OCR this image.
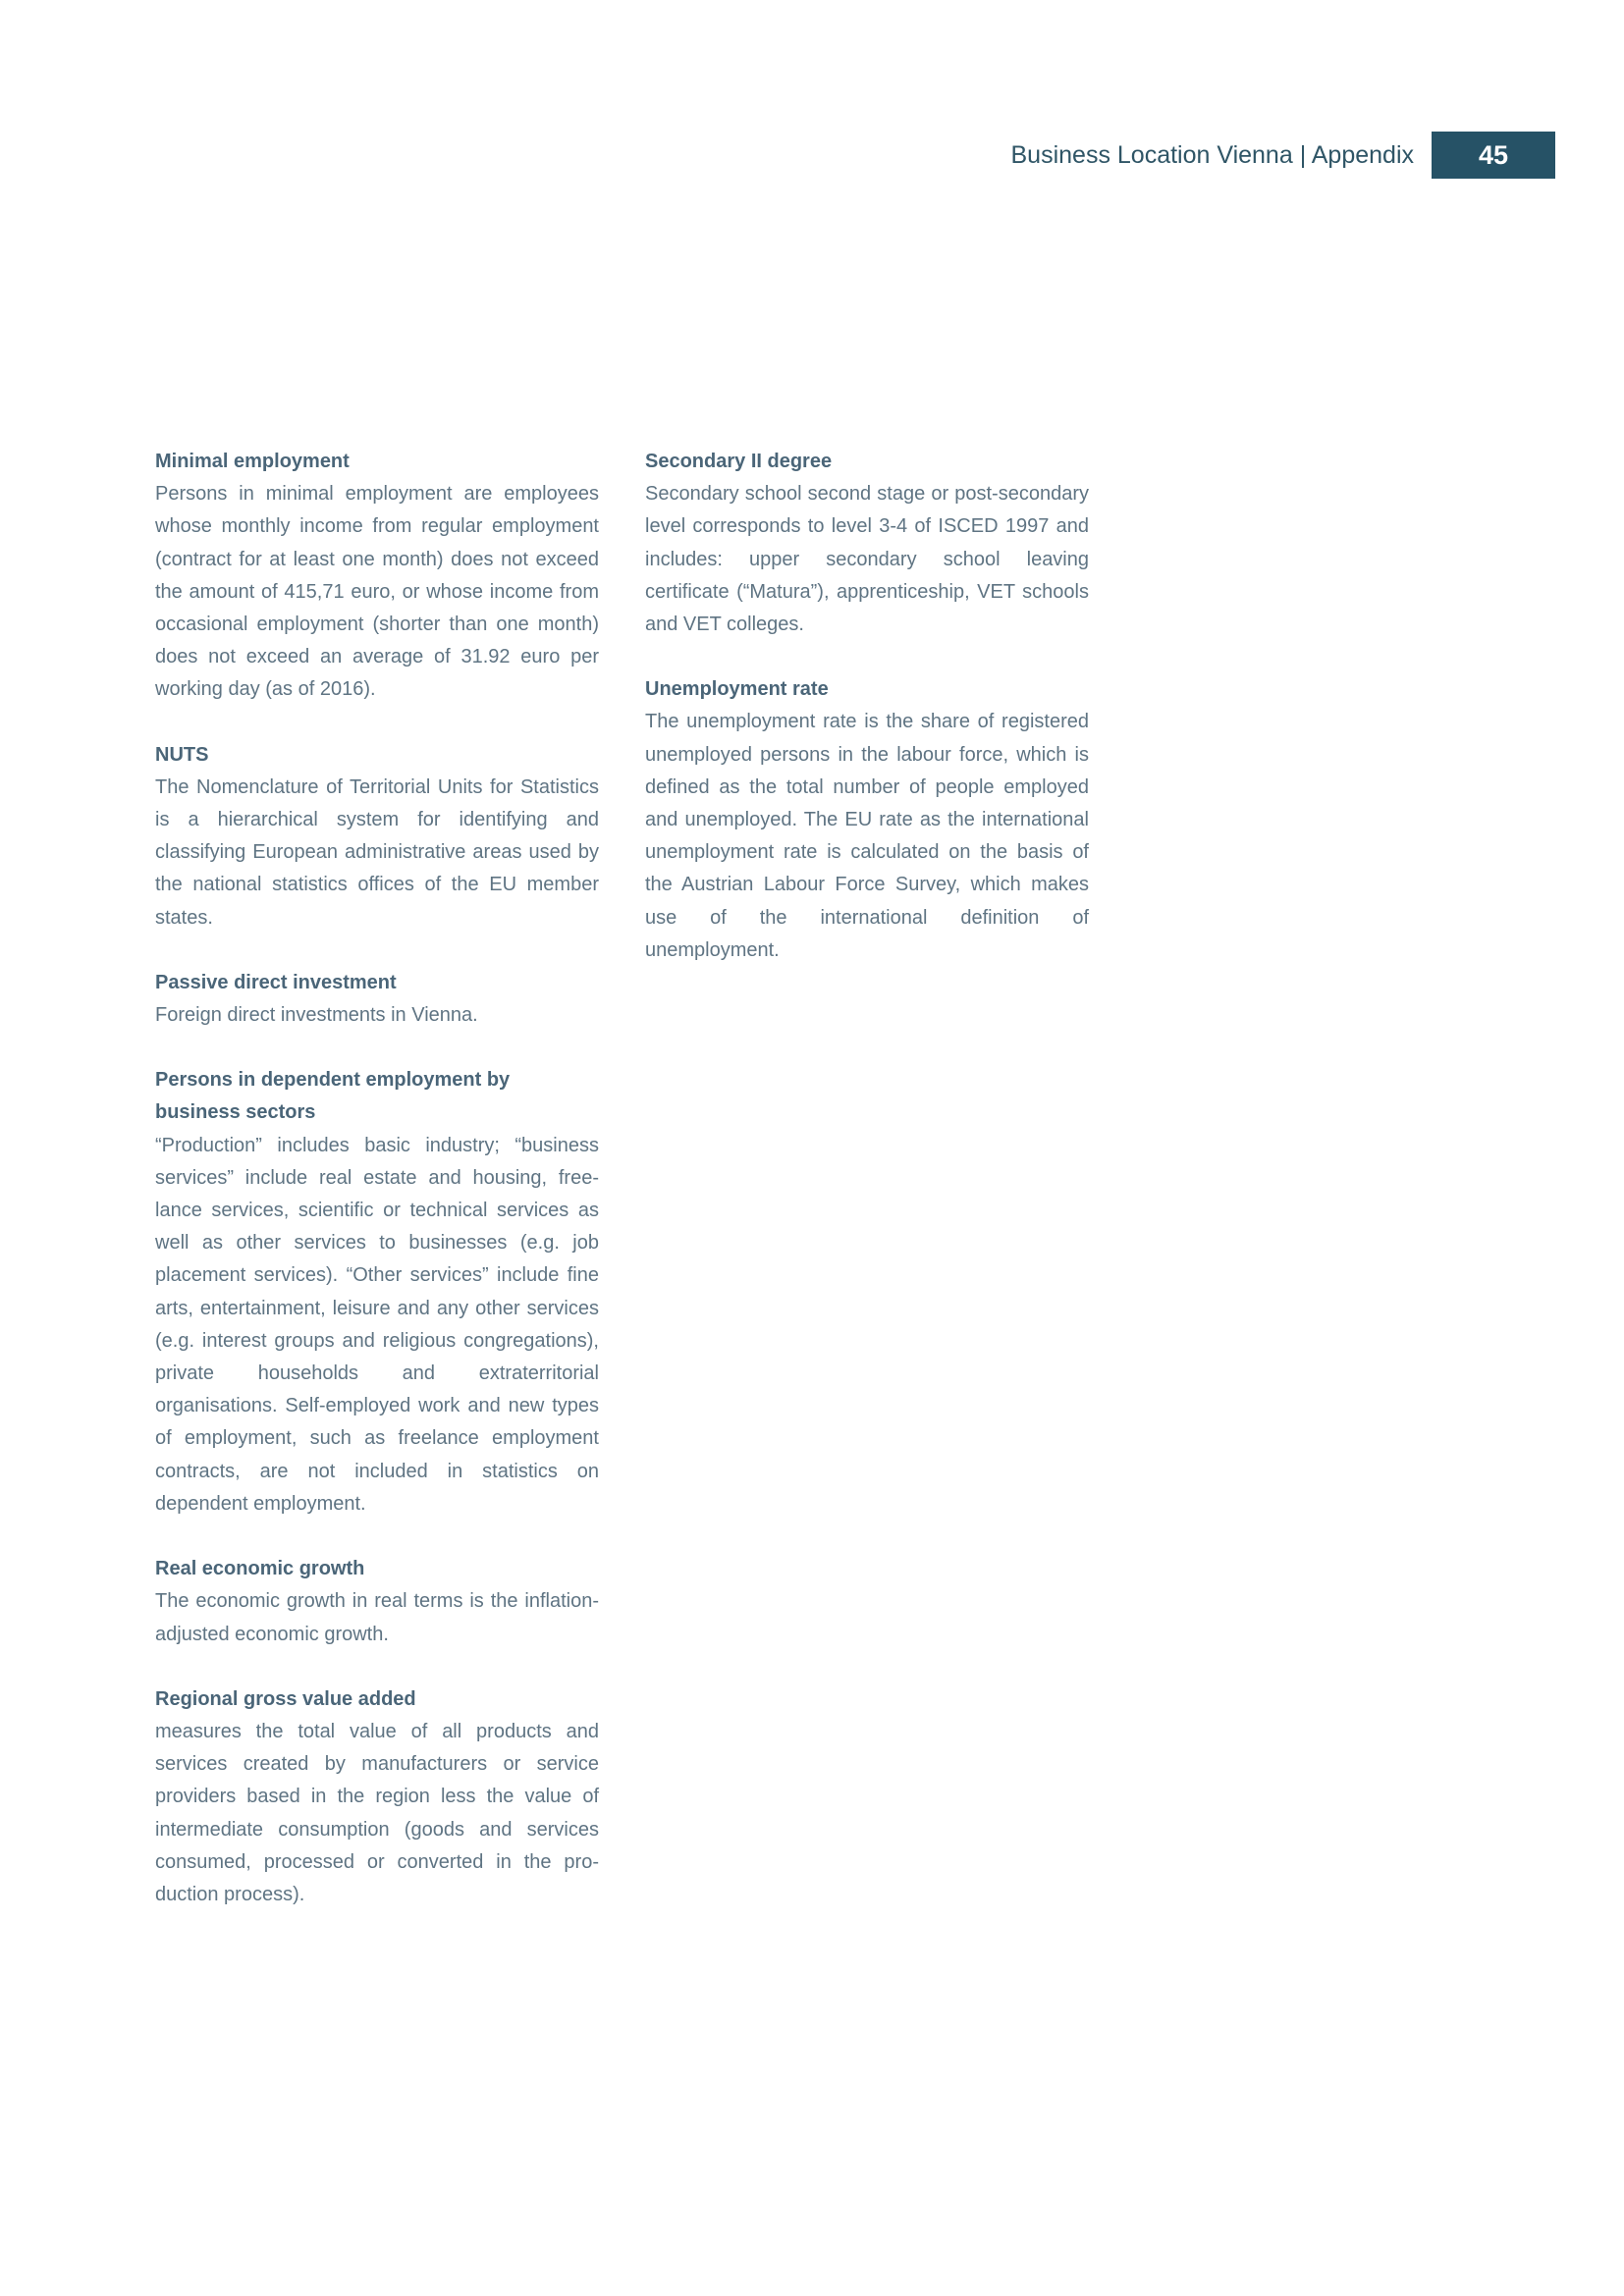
Business Location Vienna | Appendix	45
Minimal employment
Persons in minimal employment are employees whose monthly income from regular employment (contract for at least one month) does not exceed the amount of 415,71 euro, or whose income from occasional employment (shorter than one month) does not exceed an average of 31.92 euro per working day (as of 2016).
NUTS
The Nomenclature of Territorial Units for Statistics is a hierarchical system for identifying and classifying European administrative areas used by the national statistics offices of the EU member states.
Passive direct investment
Foreign direct investments in Vienna.
Persons in dependent employment by business sectors
“Production” includes basic industry; “business services” include real estate and housing, freelance services, scientific or technical services as well as other services to businesses (e.g. job placement services). “Other services” include fine arts, entertainment, leisure and any other services (e.g. interest groups and religious congregations), private households and extraterritorial organisations. Self-employed work and new types of employment, such as freelance employment contracts, are not included in statistics on dependent employment.
Real economic growth
The economic growth in real terms is the inflation-adjusted economic growth.
Regional gross value added
measures the total value of all products and services created by manufacturers or service providers based in the region less the value of intermediate consumption (goods and services consumed, processed or converted in the production process).
Secondary II degree
Secondary school second stage or post-secondary level corresponds to level 3-4 of ISCED 1997 and includes: upper secondary school leaving certificate (“Matura”), apprenticeship, VET schools and VET colleges.
Unemployment rate
The unemployment rate is the share of registered unemployed persons in the labour force, which is defined as the total number of people employed and unemployed. The EU rate as the international unemployment rate is calculated on the basis of the Austrian Labour Force Survey, which makes use of the international definition of unemployment.
